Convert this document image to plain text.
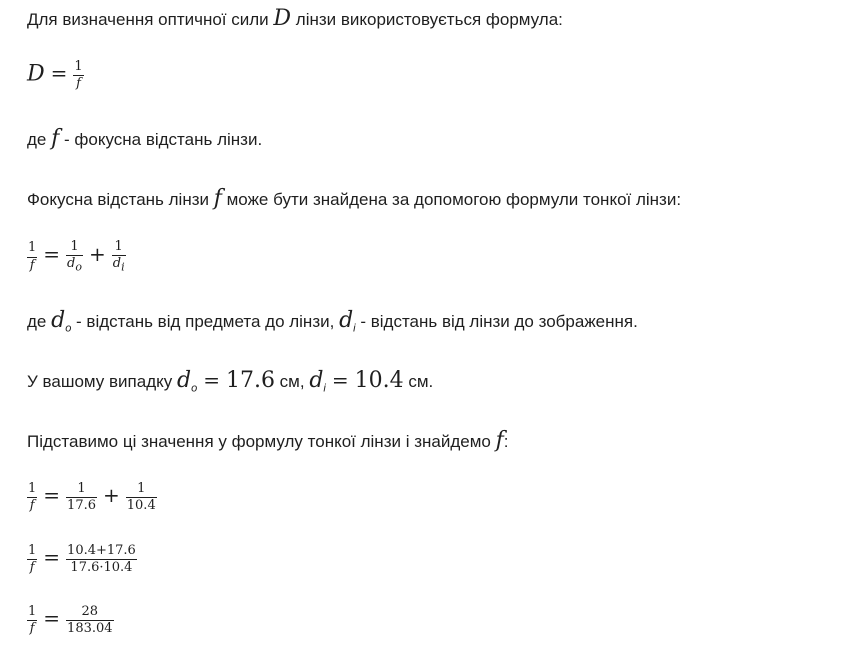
Для визначення оптичної сили D лінзи використовується формула:
$D = \frac{1}{f}$
де f - фокусна відстань лінзи.
Фокусна відстань лінзи f може бути знайдена за допомогою формули тонкої лінзи:
$\frac{1}{f} = \frac{1}{d_o} + \frac{1}{d_i}$
де $d_o$ - відстань від предмета до лінзи, $d_i$ - відстань від лінзи до зображення.
У вашому випадку $d_o = 17.6$ см, $d_i = 10.4$ см.
Підставимо ці значення у формулу тонкої лінзи і знайдемо f:
$\frac{1}{f} = \frac{1}{17.6} + \frac{1}{10.4}$
$\frac{1}{f} = \frac{10.4+17.6}{17.6\cdot 10.4}$
$\frac{1}{f} = \frac{28}{183.04}$
